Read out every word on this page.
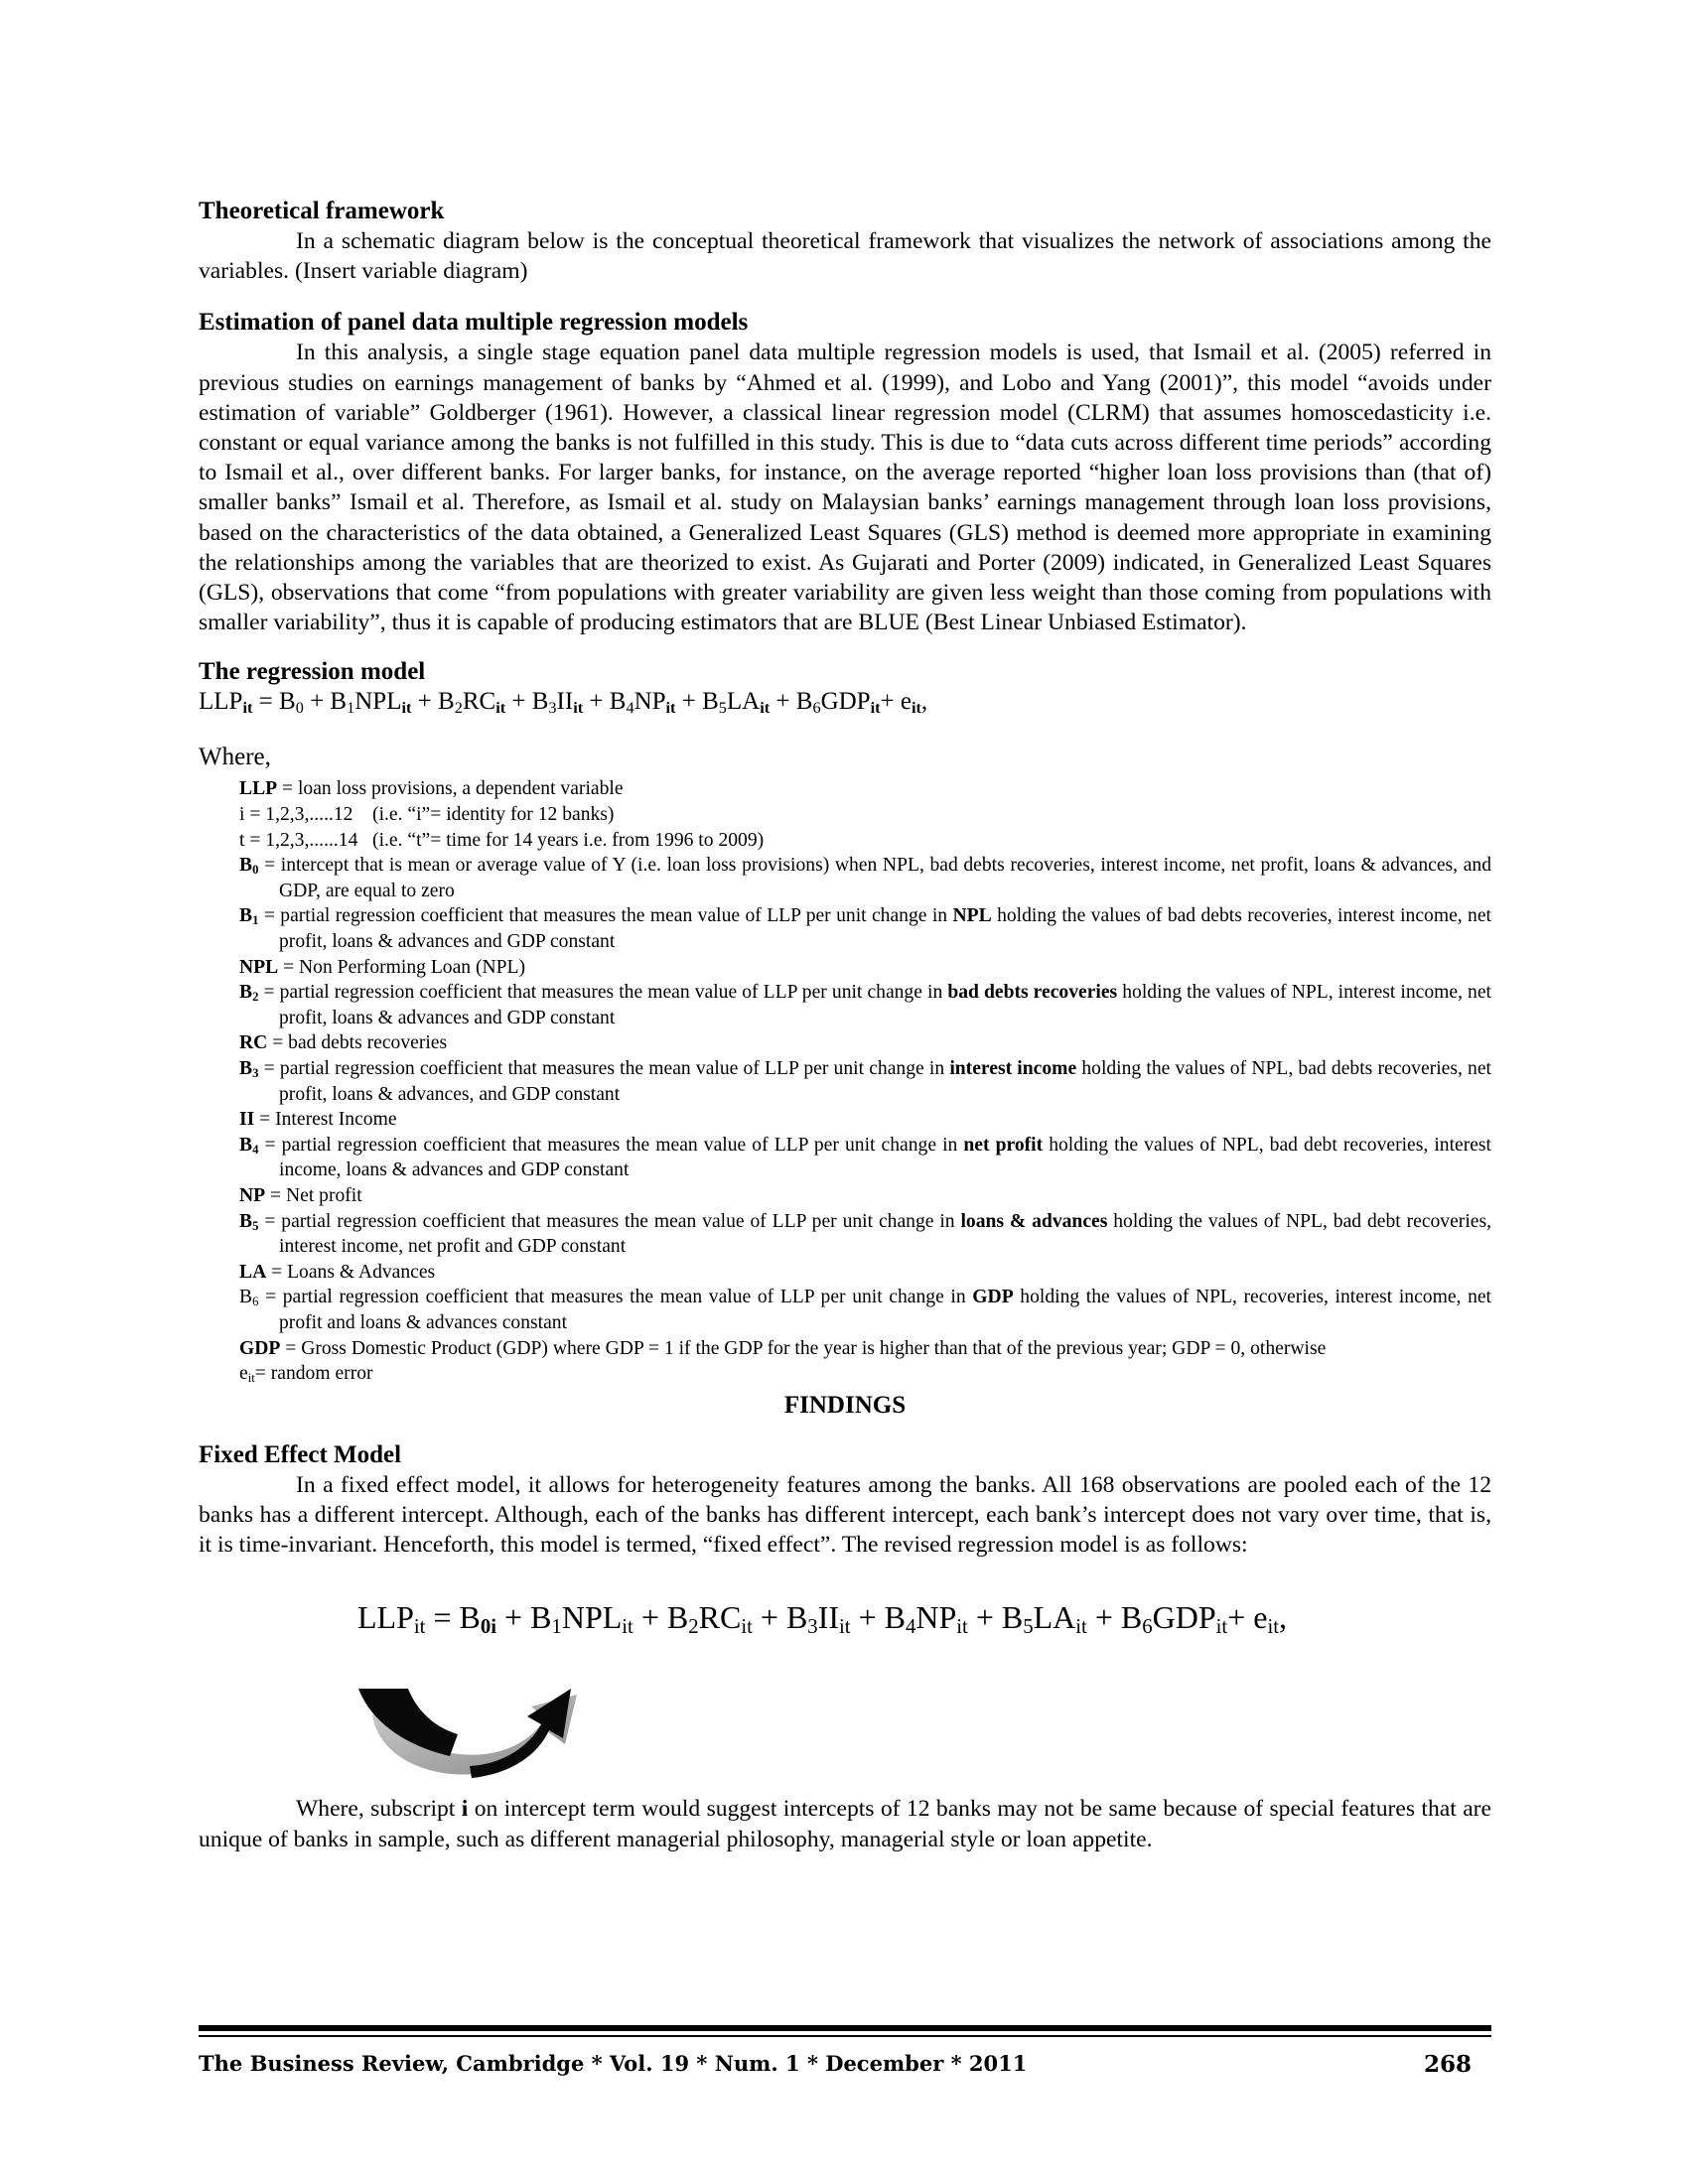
Theoretical framework

In a schematic diagram below is the conceptual theoretical framework that visualizes the network of associations among the variables. (Insert variable diagram)

Estimation of panel data multiple regression models

In this analysis, a single stage equation panel data multiple regression models is used, that Ismail et al. (2005) referred in previous studies on earnings management of banks by “Ahmed et al. (1999), and Lobo and Yang (2001)”, this model “avoids under estimation of variable” Goldberger (1961). However, a classical linear regression model (CLRM) that assumes homoscedasticity i.e. constant or equal variance among the banks is not fulfilled in this study. This is due to “data cuts across different time periods” according to Ismail et al., over different banks. For larger banks, for instance, on the average reported “higher loan loss provisions than (that of) smaller banks” Ismail et al. Therefore, as Ismail et al. study on Malaysian banks’ earnings management through loan loss provisions, based on the characteristics of the data obtained, a Generalized Least Squares (GLS) method is deemed more appropriate in examining the relationships among the variables that are theorized to exist. As Gujarati and Porter (2009) indicated, in Generalized Least Squares (GLS), observations that come “from populations with greater variability are given less weight than those coming from populations with smaller variability”, thus it is capable of producing estimators that are BLUE (Best Linear Unbiased Estimator).

The regression model

$LLP_{it} = B_0 + B_1NPL_{it} + B_2RC_{it} + B_3II_{it} + B_4NP_{it} + B_5LA_{it} + B_6GDP_{it}+ e_{it}$,

Where,

LLP = loan loss provisions, a dependent variable

i = 1,2,3,.....12    (i.e. “i”= identity for 12 banks)

t = 1,2,3,......14   (i.e. “t”= time for 14 years i.e. from 1996 to 2009)

$B_0$ = intercept that is mean or average value of Y (i.e. loan loss provisions) when NPL, bad debts recoveries, interest income, net profit, loans & advances, and GDP, are equal to zero

$B_1$ = partial regression coefficient that measures the mean value of LLP per unit change in NPL holding the values of bad debts recoveries, interest income, net profit, loans & advances and GDP constant

NPL = Non Performing Loan (NPL)

$B_2$ = partial regression coefficient that measures the mean value of LLP per unit change in bad debts recoveries holding the values of NPL, interest income, net profit, loans & advances and GDP constant

RC = bad debts recoveries

$B_3$ = partial regression coefficient that measures the mean value of LLP per unit change in interest income holding the values of NPL, bad debts recoveries, net profit, loans & advances, and GDP constant

II = Interest Income

$B_4$ = partial regression coefficient that measures the mean value of LLP per unit change in net profit holding the values of NPL, bad debt recoveries, interest income, loans & advances and GDP constant

NP = Net profit

$B_5$ = partial regression coefficient that measures the mean value of LLP per unit change in loans & advances holding the values of NPL, bad debt recoveries, interest income, net profit and GDP constant

LA = Loans & Advances

$B_6$ = partial regression coefficient that measures the mean value of LLP per unit change in GDP holding the values of NPL, recoveries, interest income, net profit and loans & advances constant

GDP = Gross Domestic Product (GDP) where GDP = 1 if the GDP for the year is higher than that of the previous year; GDP = 0, otherwise

$e_{it}=$ random error

FINDINGS

Fixed Effect Model

In a fixed effect model, it allows for heterogeneity features among the banks. All 168 observations are pooled each of the 12 banks has a different intercept. Although, each of the banks has different intercept, each bank’s intercept does not vary over time, that is, it is time-invariant. Henceforth, this model is termed, “fixed effect”. The revised regression model is as follows:

$LLP_{it} = B_{0i} + B_1NPL_{it} + B_2RC_{it} + B_3II_{it} + B_4NP_{it} + B_5LA_{it} + B_6GDP_{it}+ e_{it}$,

Where, subscript i on intercept term would suggest intercepts of 12 banks may not be same because of special features that are unique of banks in sample, such as different managerial philosophy, managerial style or loan appetite.

The Business Review, Cambridge * Vol. 19 * Num. 1 * December * 2011	268
